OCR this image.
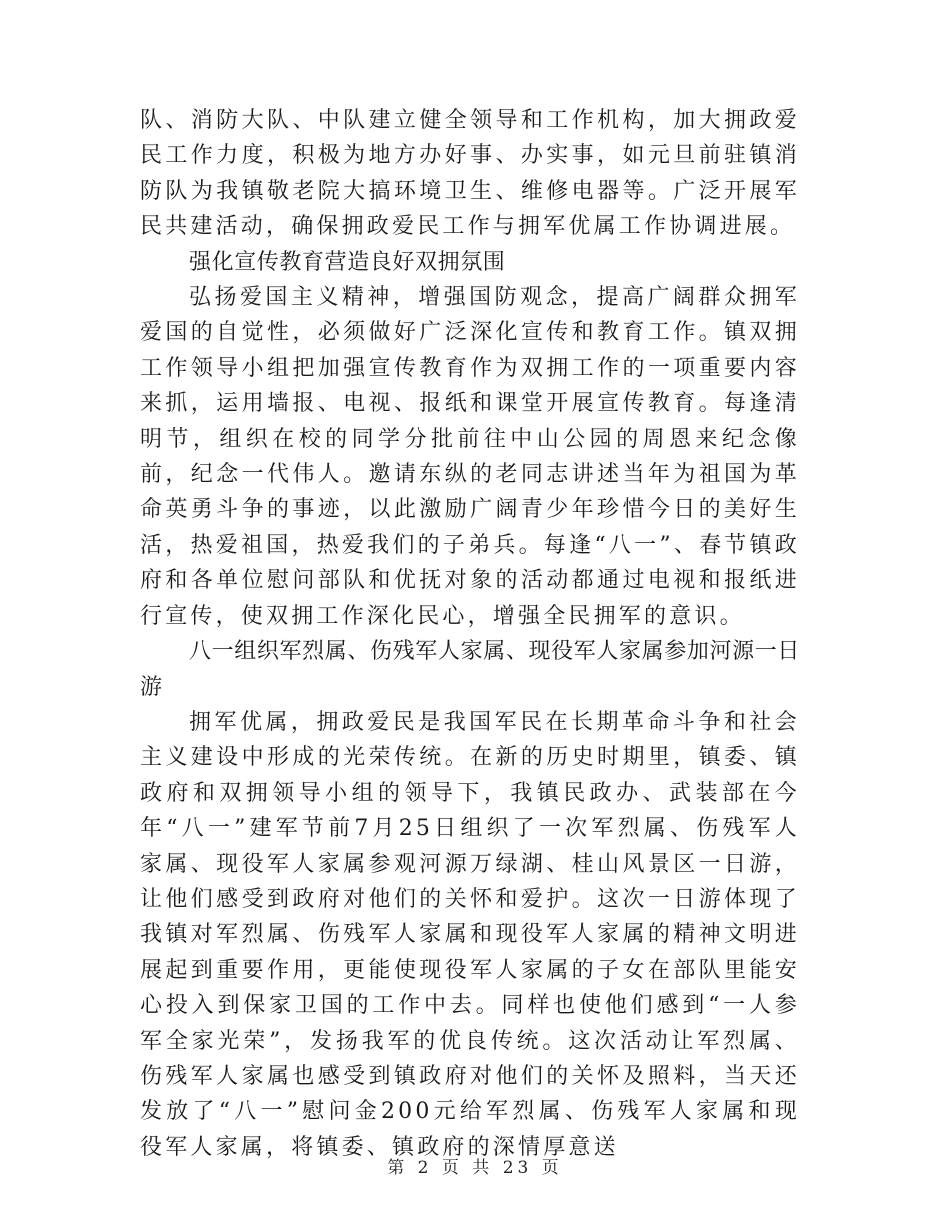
队、消防大队、中队建立健全领导和工作机构，加大拥政爱民工作力度，积极为地方办好事、办实事，如元旦前驻镇消防队为我镇敬老院大搞环境卫生、维修电器等。广泛开展军民共建活动，确保拥政爱民工作与拥军优属工作协调进展。

强化宣传教育营造良好双拥氛围

弘扬爱国主义精神，增强国防观念，提高广阔群众拥军爱国的自觉性，必须做好广泛深化宣传和教育工作。镇双拥工作领导小组把加强宣传教育作为双拥工作的一项重要内容来抓，运用墙报、电视、报纸和课堂开展宣传教育。每逢清明节，组织在校的同学分批前往中山公园的周恩来纪念像前，纪念一代伟人。邀请东纵的老同志讲述当年为祖国为革命英勇斗争的事迹，以此激励广阔青少年珍惜今日的美好生活，热爱祖国，热爱我们的子弟兵。每逢“八一”、春节镇政府和各单位慰问部队和优抚对象的活动都通过电视和报纸进行宣传，使双拥工作深化民心，增强全民拥军的意识。

八一组织军烈属、伤残军人家属、现役军人家属参加河源一日游

拥军优属，拥政爱民是我国军民在长期革命斗争和社会主义建设中形成的光荣传统。在新的历史时期里，镇委、镇政府和双拥领导小组的领导下，我镇民政办、武装部在今年“八一”建军节前7月25日组织了一次军烈属、伤残军人家属、现役军人家属参观河源万绿湖、桂山风景区一日游，让他们感受到政府对他们的关怀和爱护。这次一日游体现了我镇对军烈属、伤残军人家属和现役军人家属的精神文明进展起到重要作用，更能使现役军人家属的子女在部队里能安心投入到保家卫国的工作中去。同样也使他们感到“一人参军全家光荣”，发扬我军的优良传统。这次活动让军烈属、伤残军人家属也感受到镇政府对他们的关怀及照料，当天还发放了“八一”慰问金200元给军烈属、伤残军人家属和现役军人家属，将镇委、镇政府的深情厚意送

第 2 页 共 23 页
